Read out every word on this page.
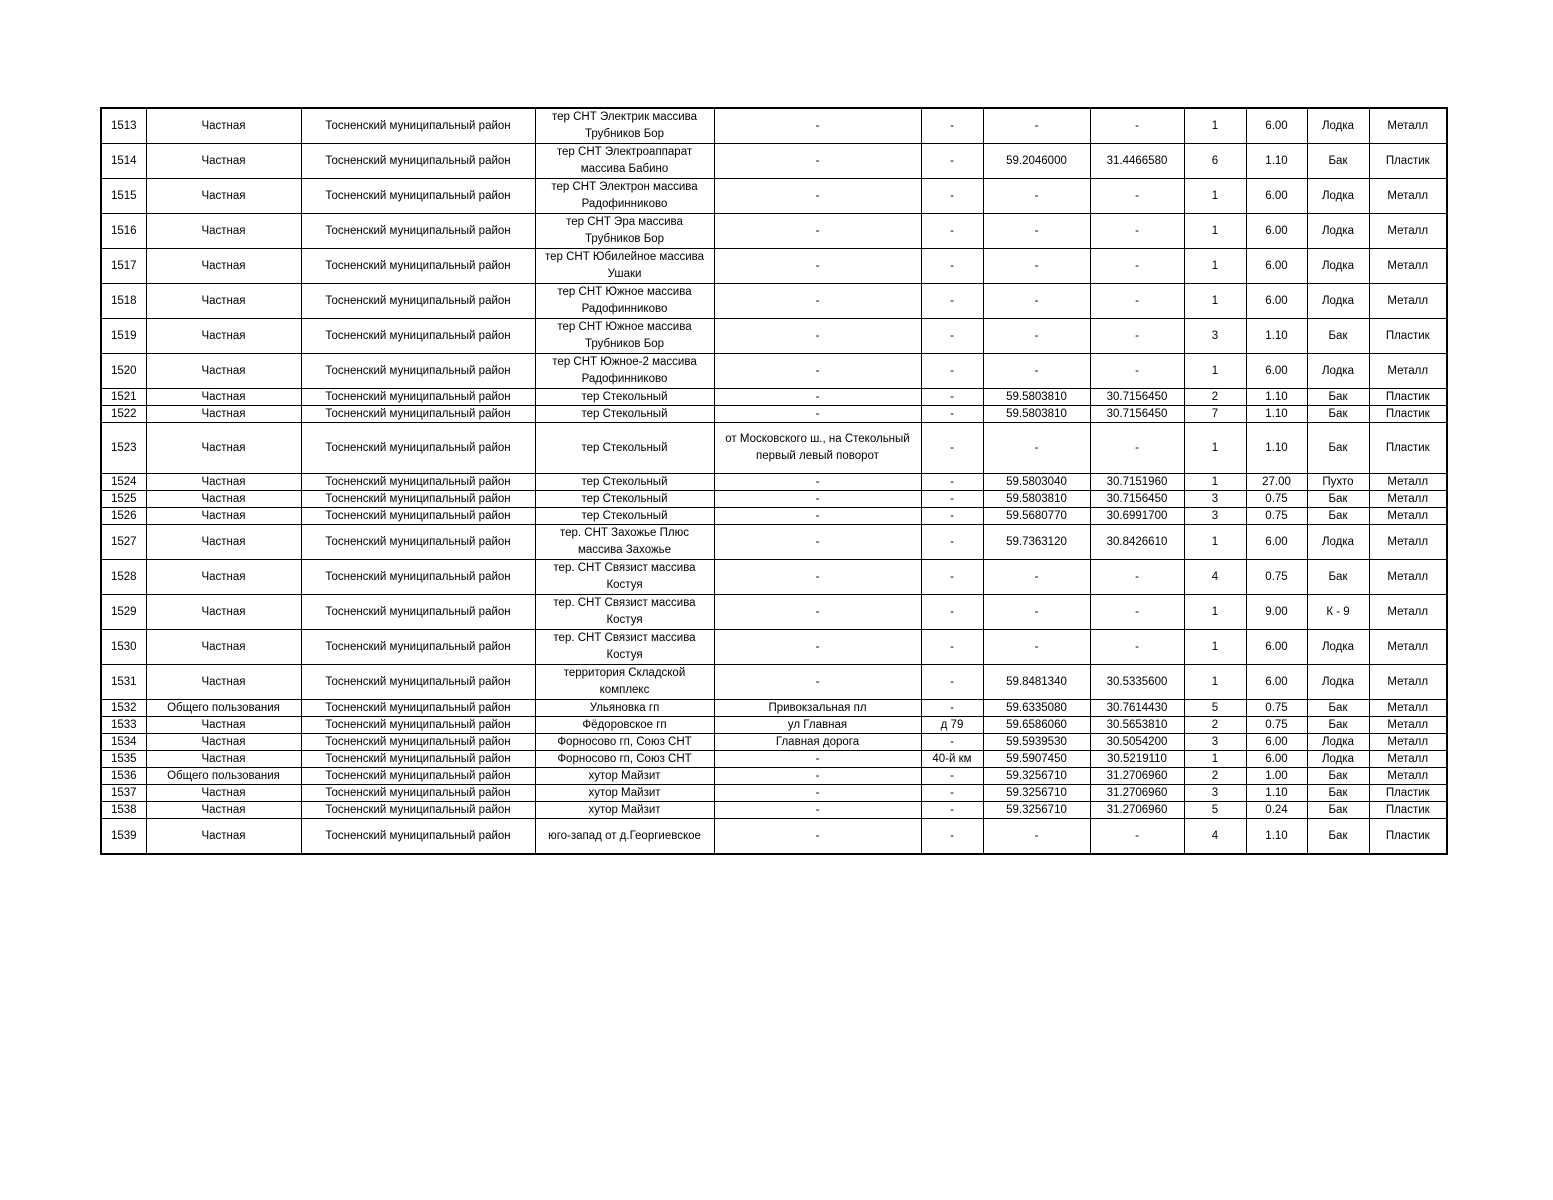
1513	Частная	Тосненский муниципальный район	тер СНТ Электрик массива Трубников Бор	-	-	-	-	1	6.00	Лодка	Металл
1514	Частная	Тосненский муниципальный район	тер СНТ Электроаппарат массива Бабино	-	-	59.2046000	31.4466580	6	1.10	Бак	Пластик
1515	Частная	Тосненский муниципальный район	тер СНТ Электрон массива Радофинниково	-	-	-	-	1	6.00	Лодка	Металл
1516	Частная	Тосненский муниципальный район	тер СНТ Эра массива Трубников Бор	-	-	-	-	1	6.00	Лодка	Металл
1517	Частная	Тосненский муниципальный район	тер СНТ Юбилейное массива Ушаки	-	-	-	-	1	6.00	Лодка	Металл
1518	Частная	Тосненский муниципальный район	тер СНТ Южное массива Радофинниково	-	-	-	-	1	6.00	Лодка	Металл
1519	Частная	Тосненский муниципальный район	тер СНТ Южное массива Трубников Бор	-	-	-	-	3	1.10	Бак	Пластик
1520	Частная	Тосненский муниципальный район	тер СНТ Южное-2 массива Радофинниково	-	-	-	-	1	6.00	Лодка	Металл
1521	Частная	Тосненский муниципальный район	тер Стекольный	-	-	59.5803810	30.7156450	2	1.10	Бак	Пластик
1522	Частная	Тосненский муниципальный район	тер Стекольный	-	-	59.5803810	30.7156450	7	1.10	Бак	Пластик
1523	Частная	Тосненский муниципальный район	тер Стекольный	от Московского ш., на Стекольный первый левый поворот	-	-	-	1	1.10	Бак	Пластик
1524	Частная	Тосненский муниципальный район	тер Стекольный	-	-	59.5803040	30.7151960	1	27.00	Пухто	Металл
1525	Частная	Тосненский муниципальный район	тер Стекольный	-	-	59.5803810	30.7156450	3	0.75	Бак	Металл
1526	Частная	Тосненский муниципальный район	тер Стекольный	-	-	59.5680770	30.6991700	3	0.75	Бак	Металл
1527	Частная	Тосненский муниципальный район	тер. СНТ Захожье Плюс массива Захожье	-	-	59.7363120	30.8426610	1	6.00	Лодка	Металл
1528	Частная	Тосненский муниципальный район	тер. СНТ Связист массива Костуя	-	-	-	-	4	0.75	Бак	Металл
1529	Частная	Тосненский муниципальный район	тер. СНТ Связист массива Костуя	-	-	-	-	1	9.00	К - 9	Металл
1530	Частная	Тосненский муниципальный район	тер. СНТ Связист массива Костуя	-	-	-	-	1	6.00	Лодка	Металл
1531	Частная	Тосненский муниципальный район	территория Складской комплекс	-	-	59.8481340	30.5335600	1	6.00	Лодка	Металл
1532	Общего пользования	Тосненский муниципальный район	Ульяновка гп	Привокзальная пл	-	59.6335080	30.7614430	5	0.75	Бак	Металл
1533	Частная	Тосненский муниципальный район	Фёдоровское гп	ул Главная	д 79	59.6586060	30.5653810	2	0.75	Бак	Металл
1534	Частная	Тосненский муниципальный район	Форносово гп, Союз СНТ	Главная дорога	-	59.5939530	30.5054200	3	6.00	Лодка	Металл
1535	Частная	Тосненский муниципальный район	Форносово гп, Союз СНТ	-	40-й км	59.5907450	30.5219110	1	6.00	Лодка	Металл
1536	Общего пользования	Тосненский муниципальный район	хутор Майзит	-	-	59.3256710	31.2706960	2	1.00	Бак	Металл
1537	Частная	Тосненский муниципальный район	хутор Майзит	-	-	59.3256710	31.2706960	3	1.10	Бак	Пластик
1538	Частная	Тосненский муниципальный район	хутор Майзит	-	-	59.3256710	31.2706960	5	0.24	Бак	Пластик
1539	Частная	Тосненский муниципальный район	юго-запад от д.Георгиевское	-	-	-	-	4	1.10	Бак	Пластик
